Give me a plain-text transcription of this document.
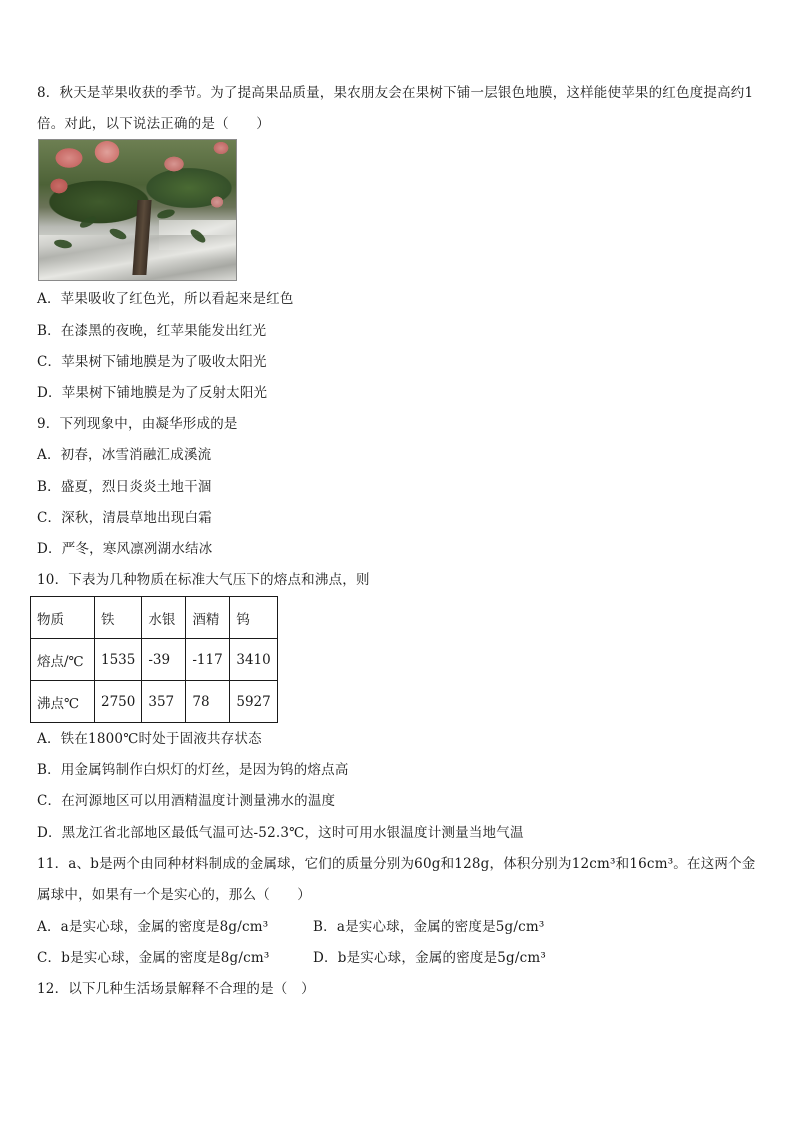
8．秋天是苹果收获的季节。为了提高果品质量，果农朋友会在果树下铺一层银色地膜，这样能使苹果的红色度提高约1
倍。对此，以下说法正确的是（　　）
A．苹果吸收了红色光，所以看起来是红色
B．在漆黑的夜晚，红苹果能发出红光
C．苹果树下铺地膜是为了吸收太阳光
D．苹果树下铺地膜是为了反射太阳光
9．下列现象中，由凝华形成的是
A．初春，冰雪消融汇成溪流
B．盛夏，烈日炎炎土地干涸
C．深秋，清晨草地出现白霜
D．严冬，寒风凛冽湖水结冰
10．下表为几种物质在标准大气压下的熔点和沸点，则
物质	铁	水银	酒精	钨
熔点/℃	1535	-39	-117	3410
沸点℃	2750	357	78	5927
A．铁在1800℃时处于固液共存状态
B．用金属钨制作白炽灯的灯丝，是因为钨的熔点高
C．在河源地区可以用酒精温度计测量沸水的温度
D．黑龙江省北部地区最低气温可达-52.3℃，这时可用水银温度计测量当地气温
11．a、b是两个由同种材料制成的金属球，它们的质量分别为60g和128g，体积分别为12cm³和16cm³。在这两个金
属球中，如果有一个是实心的，那么（　　）
A．a是实心球，金属的密度是8g/cm³	B．a是实心球，金属的密度是5g/cm³
C．b是实心球，金属的密度是8g/cm³	D．b是实心球，金属的密度是5g/cm³
12．以下几种生活场景解释不合理的是（　）
